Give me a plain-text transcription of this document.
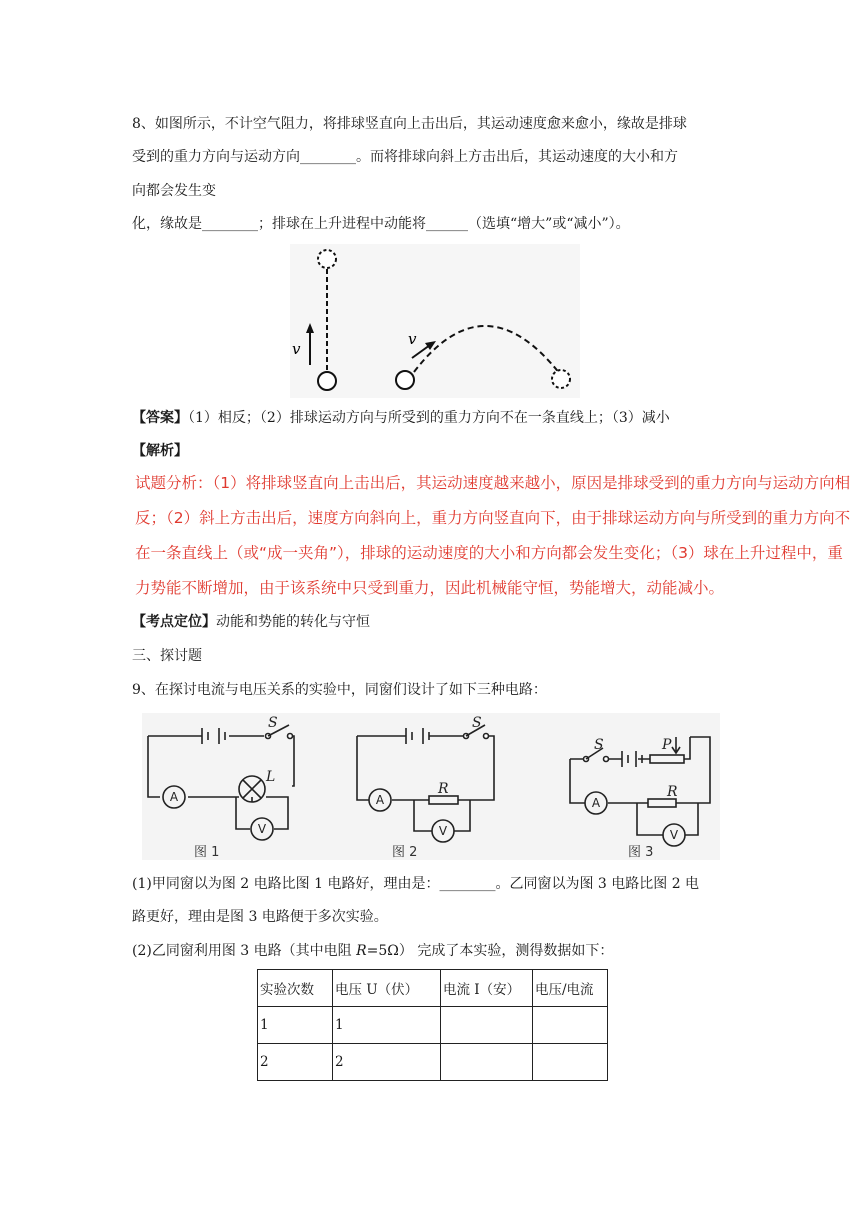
8、如图所示，不计空气阻力，将排球竖直向上击出后，其运动速度愈来愈小，缘故是排球
受到的重力方向与运动方向________。而将排球向斜上方击出后，其运动速度的大小和方
向都会发生变
化，缘故是________；排球在上升进程中动能将______（选填“增大”或“减小”）。
v
v
【答案】（1）相反；（2）排球运动方向与所受到的重力方向不在一条直线上；（3）减小
【解析】
试题分析：（1）将排球竖直向上击出后，其运动速度越来越小，原因是排球受到的重力方向与运动方向相
反；（2）斜上方击出后，速度方向斜向上，重力方向竖直向下，由于排球运动方向与所受到的重力方向不
在一条直线上（或“成一夹角”），排球的运动速度的大小和方向都会发生变化；（3）球在上升过程中，重
力势能不断增加，由于该系统中只受到重力，因此机械能守恒，势能增大，动能减小。
【考点定位】动能和势能的转化与守恒
三、探讨题
9、在探讨电流与电压关系的实验中，同窗们设计了如下三种电路：
A
V
A
V
A
V
S
L
S
R
S	P
R
图 1	图 2	图 3
(1)甲同窗以为图 2 电路比图 1 电路好，理由是：________。乙同窗以为图 3 电路比图 2 电
路更好，理由是图 3 电路便于多次实验。
(2)乙同窗利用图 3 电路（其中电阻 R=5Ω） 完成了本实验，测得数据如下：
实验次数	电压 U（伏）	电流 I（安）	电压/电流
1	1		
2	2		
